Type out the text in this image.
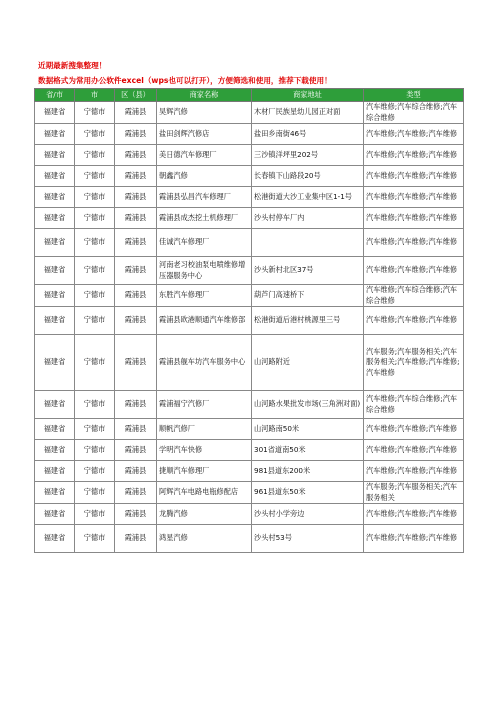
近期最新搜集整理！
数据格式为常用办公软件excel（wps也可以打开），方便筛选和使用，推荐下载使用！
省/市	市	区（县）	商家名称	商家地址	类型
福建省	宁德市	霞浦县	昊辉汽修	木材厂民族星幼儿园正对面	汽车维修;汽车综合维修;汽车综合维修
福建省	宁德市	霞浦县	盐田剑辉汽修店	盐田乡南街46号	汽车维修;汽车维修;汽车维修
福建省	宁德市	霞浦县	美日德汽车修理厂	三沙镇洋坪里202号	汽车维修;汽车维修;汽车维修
福建省	宁德市	霞浦县	朝鑫汽修	长春镇下山路段20号	汽车维修;汽车维修;汽车维修
福建省	宁德市	霞浦县	霞浦县弘昌汽车修理厂	松港街道大沙工业集中区1-1号	汽车维修;汽车维修;汽车维修
福建省	宁德市	霞浦县	霞浦县成杰挖土机修理厂	沙头村停车厂内	汽车维修;汽车维修;汽车维修
福建省	宁德市	霞浦县	佳诚汽车修理厂		汽车维修;汽车维修;汽车维修
福建省	宁德市	霞浦县	河南老习校油泵电喷维修增压器服务中心	沙头新村北区37号	汽车维修;汽车维修;汽车维修
福建省	宁德市	霞浦县	东胜汽车修理厂	葫芦门高速桥下	汽车维修;汽车综合维修;汽车综合维修
福建省	宁德市	霞浦县	霞浦县欧港顺通汽车维修部	松港街道后港村桃源里三号	汽车维修;汽车维修;汽车维修
福建省	宁德市	霞浦县	霞浦县舰车坊汽车服务中心	山河路附近	汽车服务;汽车服务相关;汽车服务相关;汽车维修;汽车维修;汽车维修
福建省	宁德市	霞浦县	霞浦福宁汽修厂	山河路水果批发市场(三角洲对面)	汽车维修;汽车综合维修;汽车综合维修
福建省	宁德市	霞浦县	顺帆汽修厂	山河路南50米	汽车维修;汽车维修;汽车维修
福建省	宁德市	霞浦县	学明汽车快修	301省道南50米	汽车维修;汽车维修;汽车维修
福建省	宁德市	霞浦县	捷顺汽车修理厂	981县道东200米	汽车维修;汽车维修;汽车维修
福建省	宁德市	霞浦县	阿辉汽车电路电瓶修配店	961县道东50米	汽车服务;汽车服务相关;汽车服务相关
福建省	宁德市	霞浦县	龙腾汽修	沙头村小学旁边	汽车维修;汽车维修;汽车维修
福建省	宁德市	霞浦县	鸿星汽修	沙头村53号	汽车维修;汽车维修;汽车维修
